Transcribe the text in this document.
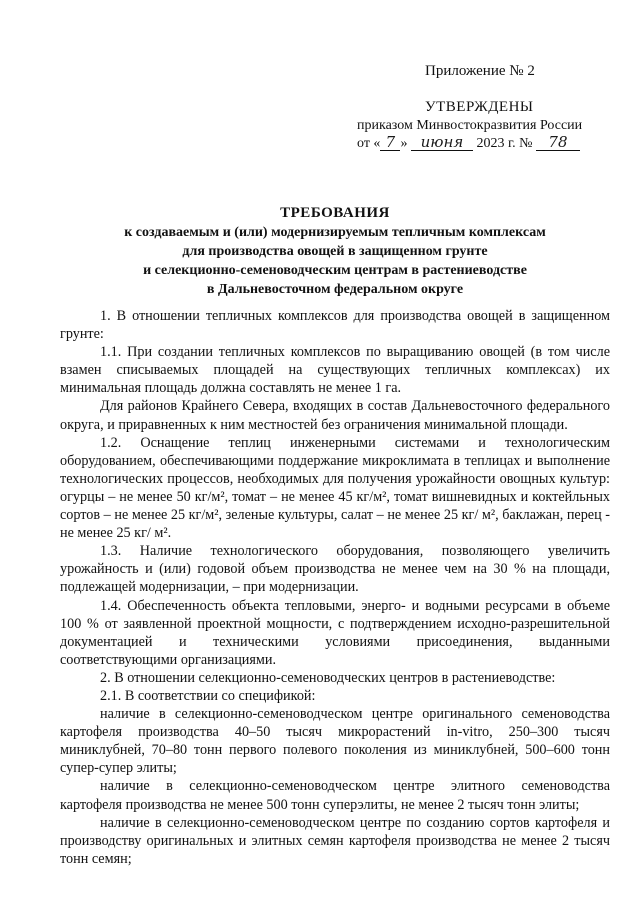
Приложение № 2
УТВЕРЖДЕНЫ
приказом Минвостокразвития России
от « 7 » июня 2023 г. № 78
ТРЕБОВАНИЯ
к создаваемым и (или) модернизируемым тепличным комплексам
для производства овощей в защищенном грунте
и селекционно-семеноводческим центрам в растениеводстве
в Дальневосточном федеральном округе

1. В отношении тепличных комплексов для производства овощей в защищенном грунте:

1.1. При создании тепличных комплексов по выращиванию овощей (в том числе взамен списываемых площадей на существующих тепличных комплексах) их минимальная площадь должна составлять не менее 1 га.

Для районов Крайнего Севера, входящих в состав Дальневосточного федерального округа, и приравненных к ним местностей без ограничения минимальной площади.

1.2. Оснащение теплиц инженерными системами и технологическим оборудованием, обеспечивающими поддержание микроклимата в теплицах и выполнение технологических процессов, необходимых для получения урожайности овощных культур: огурцы – не менее 50 кг/м², томат – не менее 45 кг/м², томат вишневидных и коктейльных сортов – не менее 25 кг/м², зеленые культуры, салат – не менее 25 кг/ м², баклажан, перец - не менее 25 кг/ м².

1.3. Наличие технологического оборудования, позволяющего увеличить урожайность и (или) годовой объем производства не менее чем на 30 % на площади, подлежащей модернизации, – при модернизации.

1.4. Обеспеченность объекта тепловыми, энерго- и водными ресурсами в объеме 100 % от заявленной проектной мощности, с подтверждением исходно-разрешительной документацией и техническими условиями присоединения, выданными соответствующими организациями.

2. В отношении селекционно-семеноводческих центров в растениеводстве:

2.1. В соответствии со спецификой:

наличие в селекционно-семеноводческом центре оригинального семеноводства картофеля производства 40–50 тысяч микрорастений in-vitro, 250–300 тысяч миниклубней, 70–80 тонн первого полевого поколения из миниклубней, 500–600 тонн супер-супер элиты;

наличие в селекционно-семеноводческом центре элитного семеноводства картофеля производства не менее 500 тонн суперэлиты, не менее 2 тысяч тонн элиты;

наличие в селекционно-семеноводческом центре по созданию сортов картофеля и производству оригинальных и элитных семян картофеля производства не менее 2 тысяч тонн семян;
